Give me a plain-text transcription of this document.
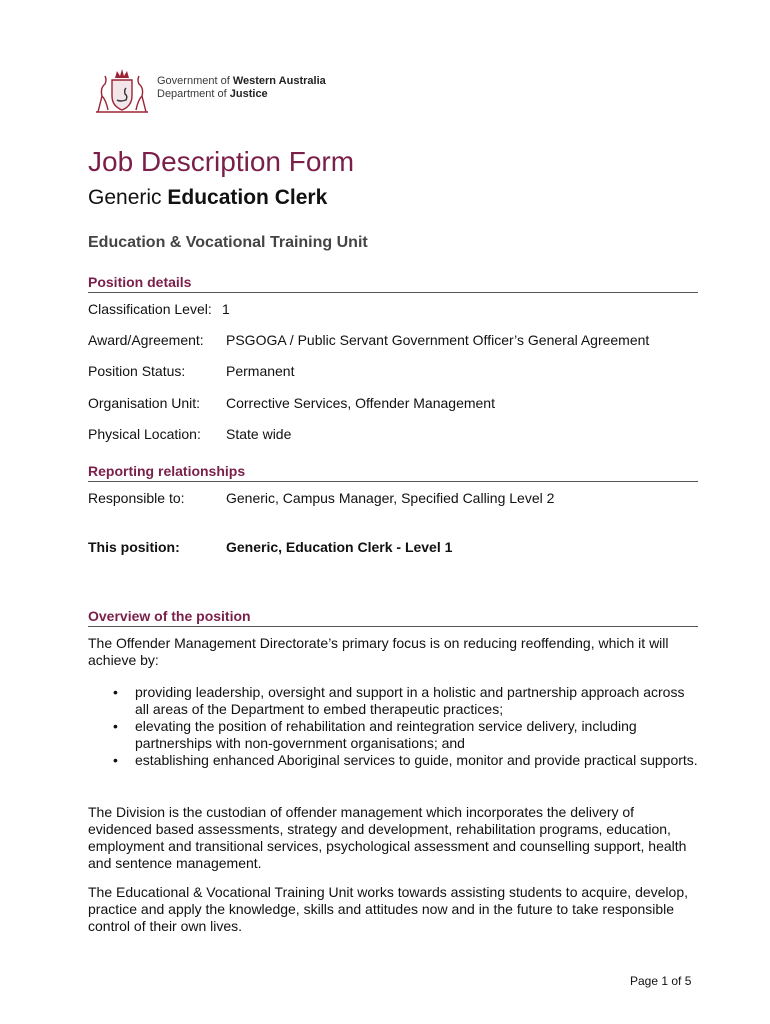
Government of Western Australia
Department of Justice
Job Description Form
Generic Education Clerk
Education & Vocational Training Unit
Position details
Classification Level: 1
Award/Agreement: PSGOGA / Public Servant Government Officer’s General Agreement
Position Status:	Permanent
Organisation Unit: Corrective Services, Offender Management
Physical Location: State wide
Reporting relationships
Responsible to:	Generic, Campus Manager, Specified Calling Level 2
This position:	Generic, Education Clerk - Level 1
Overview of the position
The Offender Management Directorate’s primary focus is on reducing reoffending, which it will achieve by:
• providing leadership, oversight and support in a holistic and partnership approach across all areas of the Department to embed therapeutic practices;
• elevating the position of rehabilitation and reintegration service delivery, including partnerships with non-government organisations; and
• establishing enhanced Aboriginal services to guide, monitor and provide practical supports.
The Division is the custodian of offender management which incorporates the delivery of evidenced based assessments, strategy and development, rehabilitation programs, education, employment and transitional services, psychological assessment and counselling support, health and sentence management.
The Educational & Vocational Training Unit works towards assisting students to acquire, develop, practice and apply the knowledge, skills and attitudes now and in the future to take responsible control of their own lives.
Page 1 of 5
